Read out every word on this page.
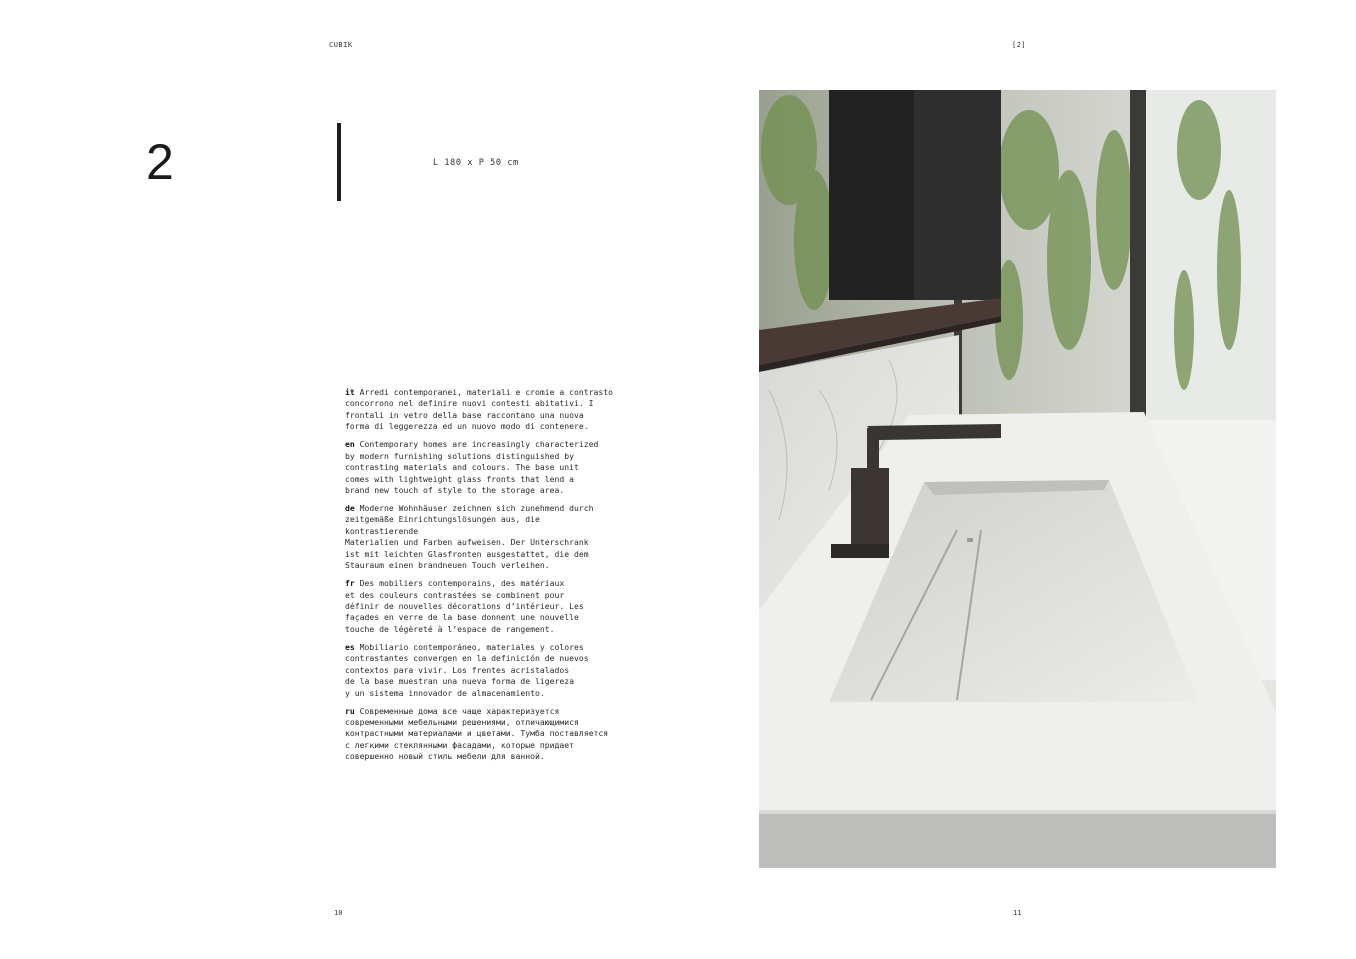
CUBIK	[2]
2	L 180 x P 50 cm

it Arredi contemporanei, materiali e cromie a contrasto
concorrono nel definire nuovi contesti abitativi. I
frontali in vetro della base raccontano una nuova
forma di leggerezza ed un nuovo modo di contenere.

en Contemporary homes are increasingly characterized
by modern furnishing solutions distinguished by
contrasting materials and colours. The base unit
comes with lightweight glass fronts that lend a
brand new touch of style to the storage area.

de Moderne Wohnhäuser zeichnen sich zunehmend durch
zeitgemäße Einrichtungslösungen aus, die kontrastierende
Materialien und Farben aufweisen. Der Unterschrank
ist mit leichten Glasfronten ausgestattet, die dem
Stauraum einen brandneuen Touch verleihen.

fr Des mobiliers contemporains, des matériaux
et des couleurs contrastées se combinent pour
définir de nouvelles décorations d’intérieur. Les
façades en verre de la base donnent une nouvelle
touche de légèreté à l’espace de rangement.

es Mobiliario contemporáneo, materiales y colores
contrastantes convergen en la definición de nuevos
contextos para vivir. Los frentes acristalados
de la base muestran una nueva forma de ligereza
y un sistema innovador de almacenamiento.

ru Современные дома все чаще характеризуется
современными мебельными решениями, отличающимися
контрастными материалами и цветами. Тумба поставляется
с легкими стеклянными фасадами, которые придает
совершенно новый стиль мебели для ванной.

10	11
